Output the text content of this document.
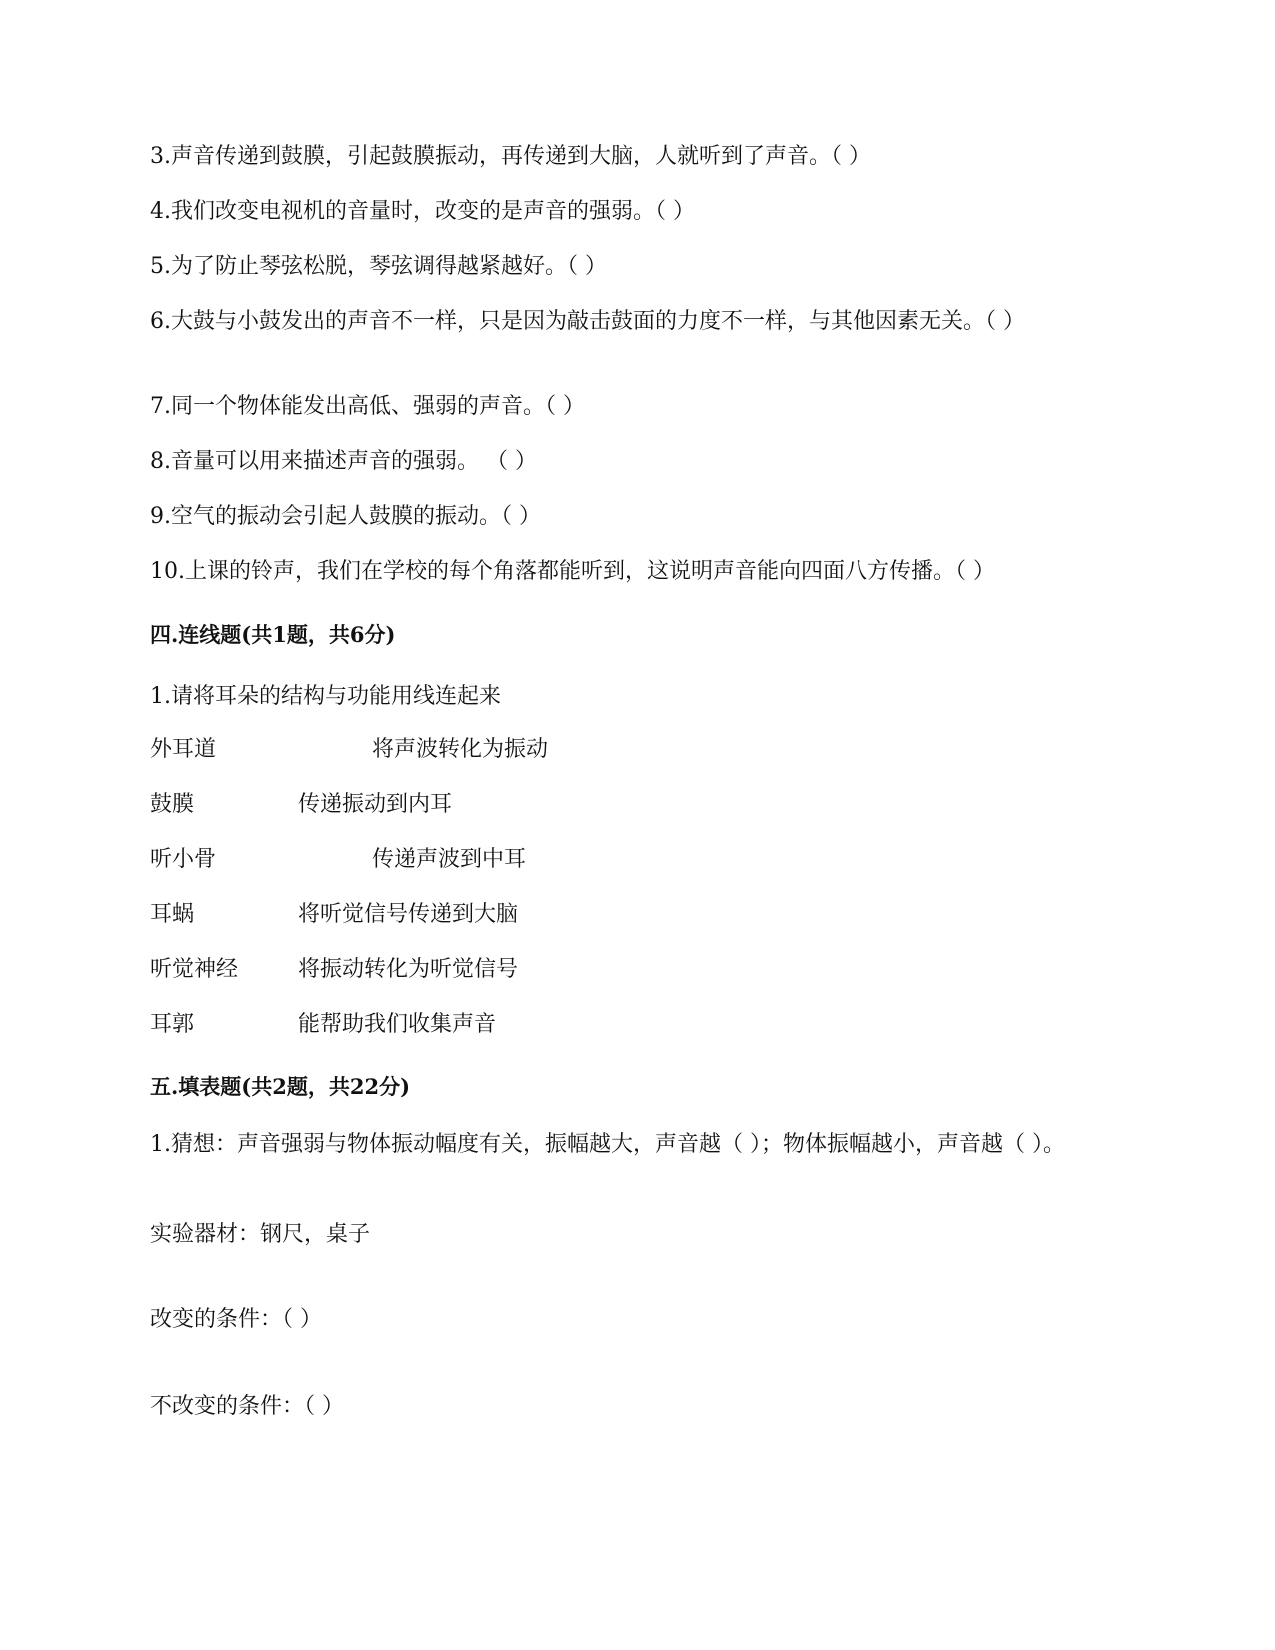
3.声音传递到鼓膜，引起鼓膜振动，再传递到大脑，人就听到了声音。（ ）
4.我们改变电视机的音量时，改变的是声音的强弱。（ ）
5.为了防止琴弦松脱，琴弦调得越紧越好。（ ）
6.大鼓与小鼓发出的声音不一样，只是因为敲击鼓面的力度不一样，与其他因素无关。（ ）
7.同一个物体能发出高低、强弱的声音。（ ）
8.音量可以用来描述声音的强弱。 （ ）
9.空气的振动会引起人鼓膜的振动。（ ）
10.上课的铃声，我们在学校的每个角落都能听到，这说明声音能向四面八方传播。（ ）
四.连线题(共1题，共6分)
1.请将耳朵的结构与功能用线连起来
外耳道	将声波转化为振动
鼓膜	传递振动到内耳
听小骨	传递声波到中耳
耳蜗	将听觉信号传递到大脑
听觉神经	将振动转化为听觉信号
耳郭	能帮助我们收集声音
五.填表题(共2题，共22分)
1.猜想：声音强弱与物体振动幅度有关，振幅越大，声音越（ ）；物体振幅越小，声音越（ ）。
实验器材：钢尺，桌子
改变的条件：（ ）
不改变的条件：（ ）
